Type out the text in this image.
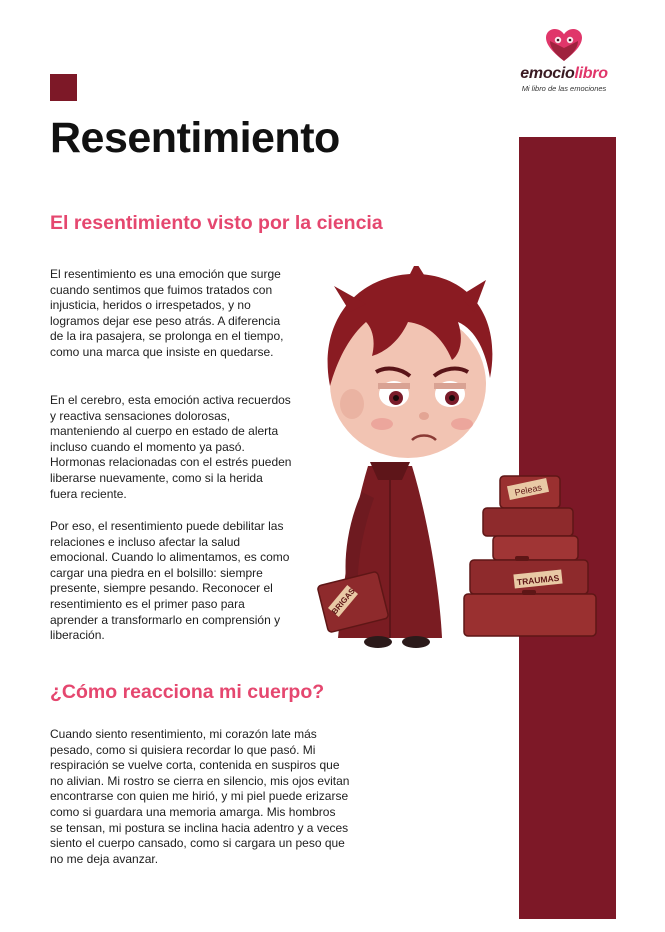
emociolibro
Mi libro de las emociones
Resentimiento
El resentimiento visto por la ciencia

El resentimiento es una emoción que surge cuando sentimos que fuimos tratados con injusticia, heridos o irrespetados, y no logramos dejar ese peso atrás. A diferencia de la ira pasajera, se prolonga en el tiempo, como una marca que insiste en quedarse.

En el cerebro, esta emoción activa recuerdos y reactiva sensaciones dolorosas, manteniendo al cuerpo en estado de alerta incluso cuando el momento ya pasó. Hormonas relacionadas con el estrés pueden liberarse nuevamente, como si la herida fuera reciente.

Por eso, el resentimiento puede debilitar las relaciones e incluso afectar la salud emocional. Cuando lo alimentamos, es como cargar una piedra en el bolsillo: siempre presente, siempre pesando. Reconocer el resentimiento es el primer paso para aprender a transformarlo en comprensión y liberación.

¿Cómo reacciona mi cuerpo?

Cuando siento resentimiento, mi corazón late más pesado, como si quisiera recordar lo que pasó. Mi respiración se vuelve corta, contenida en suspiros que no alivian. Mi rostro se cierra en silencio, mis ojos evitan encontrarse con quien me hirió, y mi piel puede erizarse como si guardara una memoria amarga. Mis hombros se tensan, mi postura se inclina hacia adentro y a veces siento el cuerpo cansado, como si cargara un peso que no me deja avanzar.

Peleas
TRAUMAS
BRIGAS
